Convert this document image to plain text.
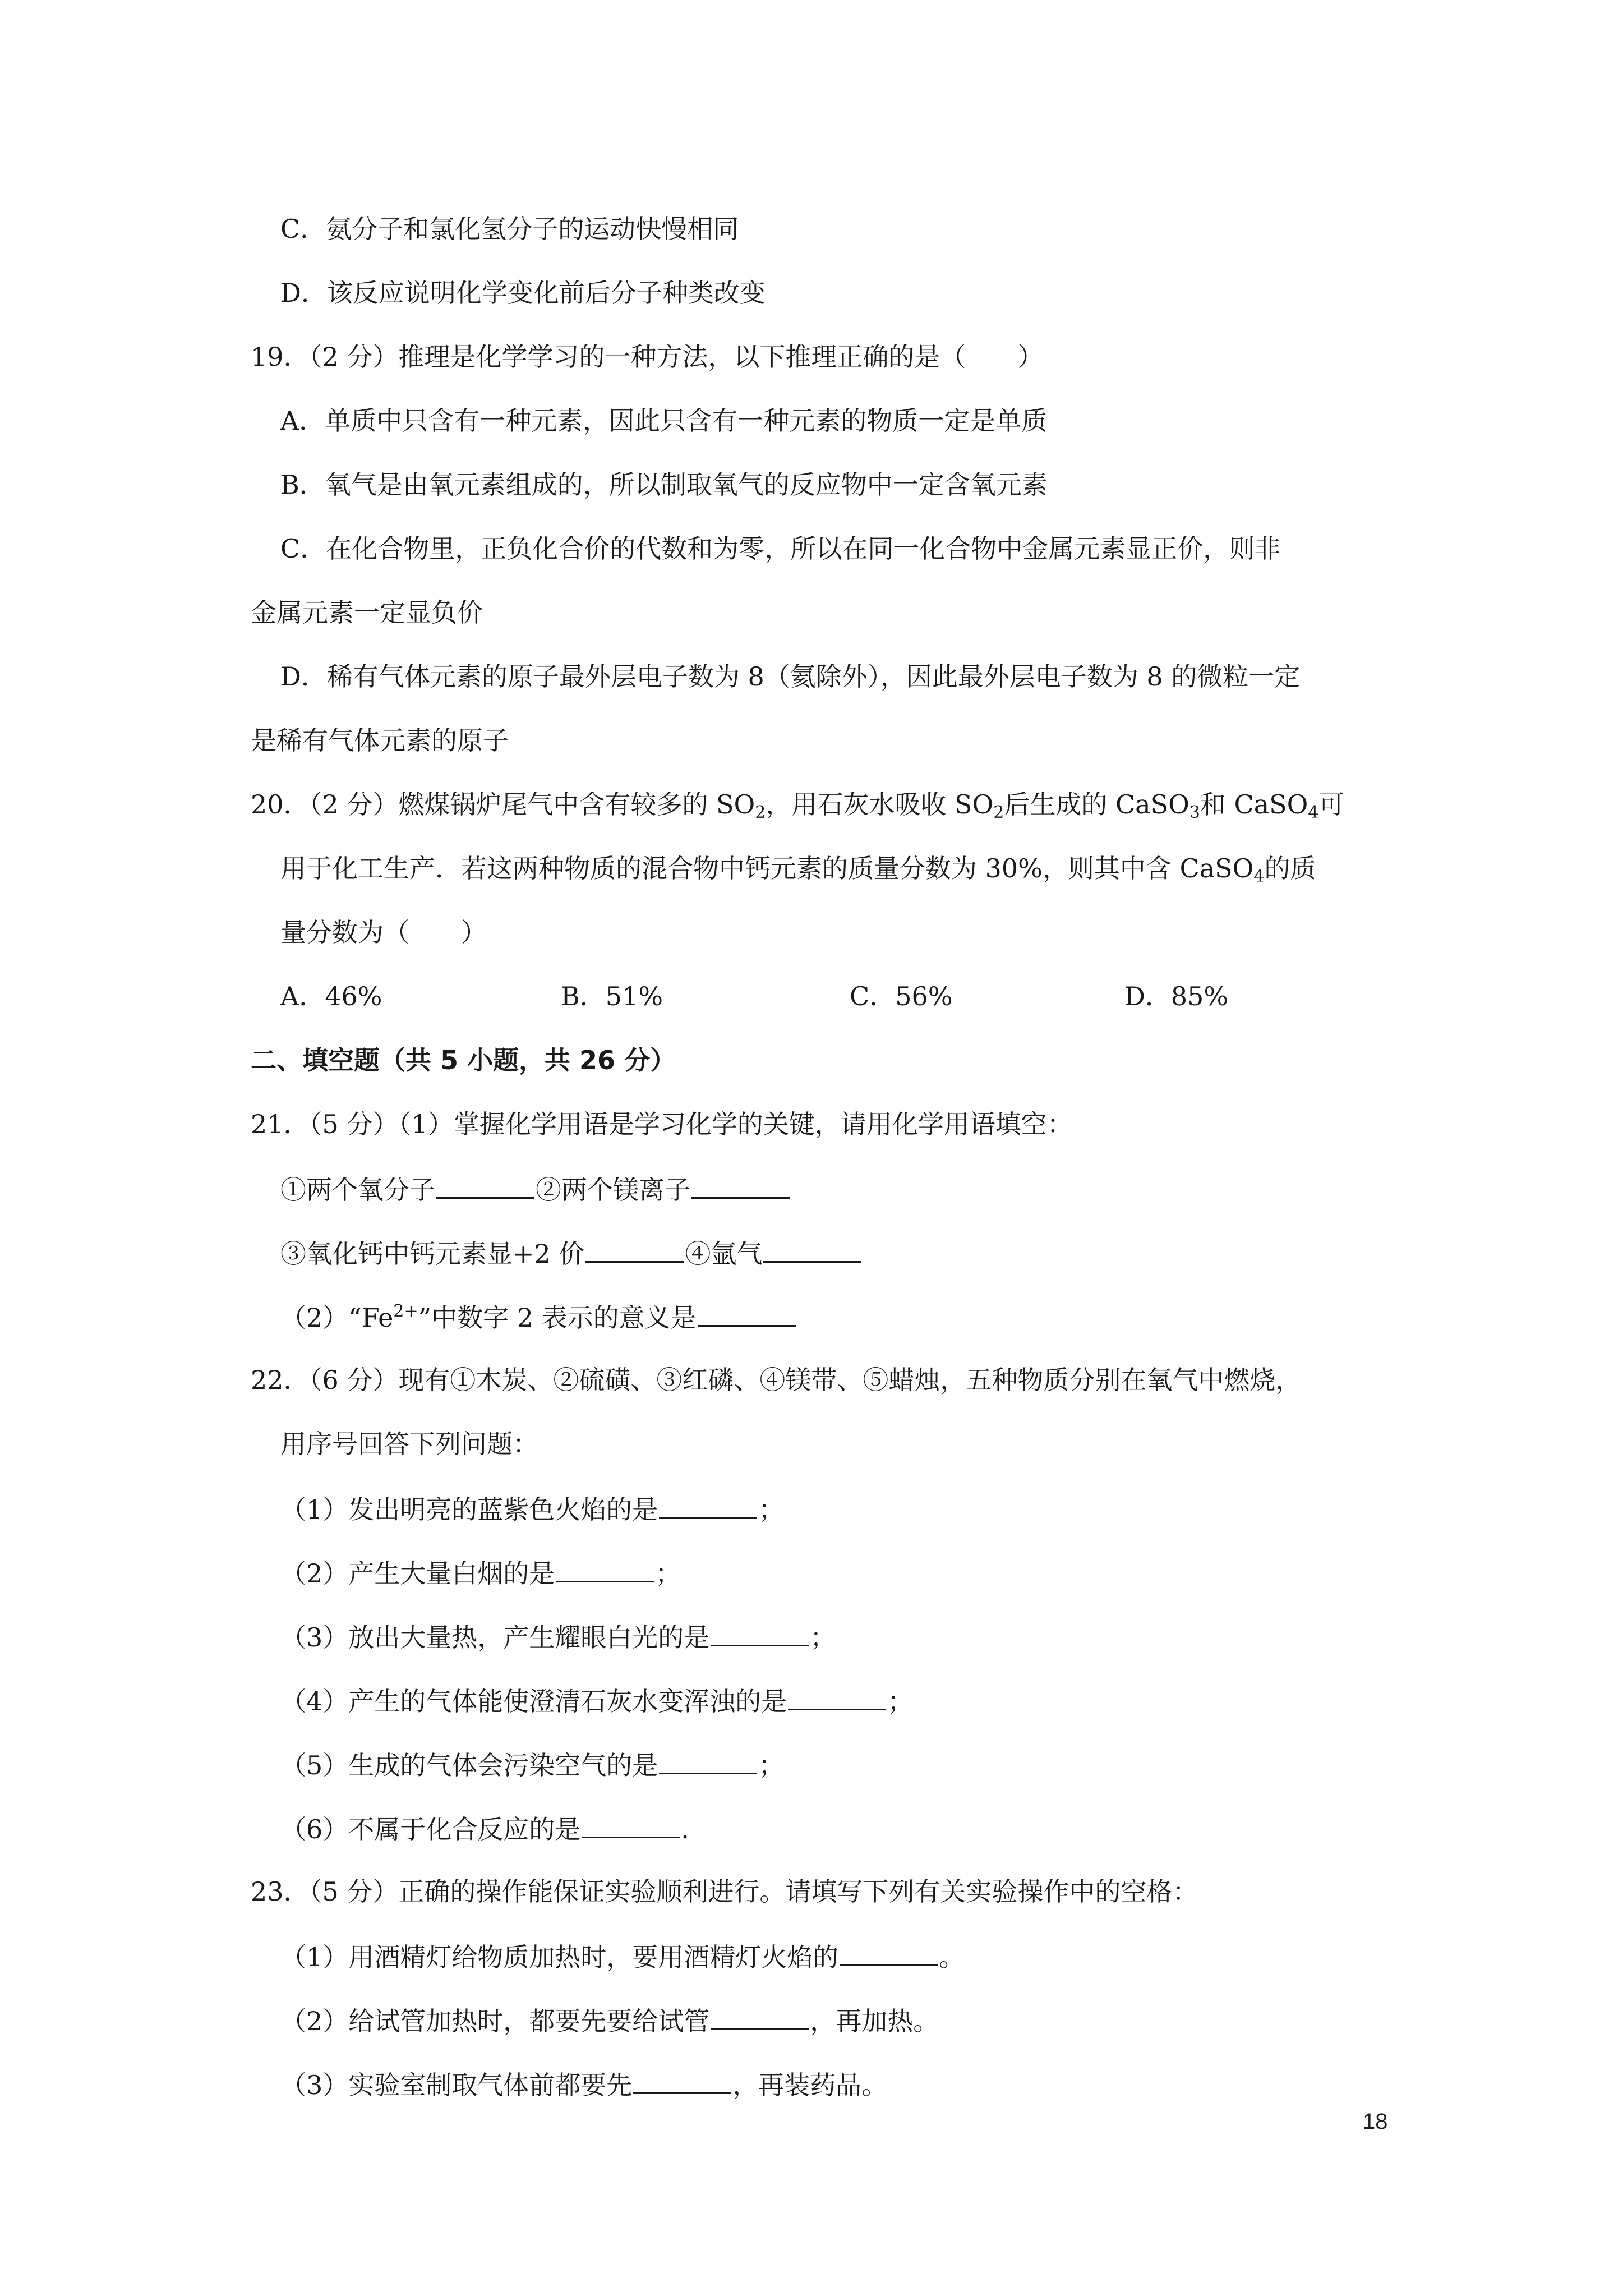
C．氨分子和氯化氢分子的运动快慢相同
D．该反应说明化学变化前后分子种类改变
19．（2 分）推理是化学学习的一种方法，以下推理正确的是（　　）
A．单质中只含有一种元素，因此只含有一种元素的物质一定是单质
B．氧气是由氧元素组成的，所以制取氧气的反应物中一定含氧元素
C．在化合物里，正负化合价的代数和为零，所以在同一化合物中金属元素显正价，则非
金属元素一定显负价
D．稀有气体元素的原子最外层电子数为 8（氦除外），因此最外层电子数为 8 的微粒一定
是稀有气体元素的原子
20．（2 分）燃煤锅炉尾气中含有较多的 $SO_2$，用石灰水吸收 $SO_2$后生成的 CaSO$_3$和 CaSO$_4$可
用于化工生产．若这两种物质的混合物中钙元素的质量分数为 30%，则其中含 CaSO$_4$的质
量分数为（　　）
A．46%	B．51%	C．56%	D．85%
二、填空题（共 5 小题，共 26 分）
21．（5 分）（1）掌握化学用语是学习化学的关键，请用化学用语填空：
①两个氧分子	②两个镁离子
③氧化钙中钙元素显+2 价	④氩气
$(2)“Fe^{2+}$”中数字 2 表示的意义是
22．（6 分）现有①木炭、②硫磺、③红磷、④镁带、⑤蜡烛，五种物质分别在氧气中燃烧，
用序号回答下列问题：
（1）发出明亮的蓝紫色火焰的是	；
（2）产生大量白烟的是	；
（3）放出大量热，产生耀眼白光的是	；
（4）产生的气体能使澄清石灰水变浑浊的是	；
（5）生成的气体会污染空气的是	；
（6）不属于化合反应的是	.
23．（5 分）正确的操作能保证实验顺利进行。请填写下列有关实验操作中的空格：
（1）用酒精灯给物质加热时，要用酒精灯火焰的	。
（2）给试管加热时，都要先要给试管	，再加热。
（3）实验室制取气体前都要先	，再装药品。
18
